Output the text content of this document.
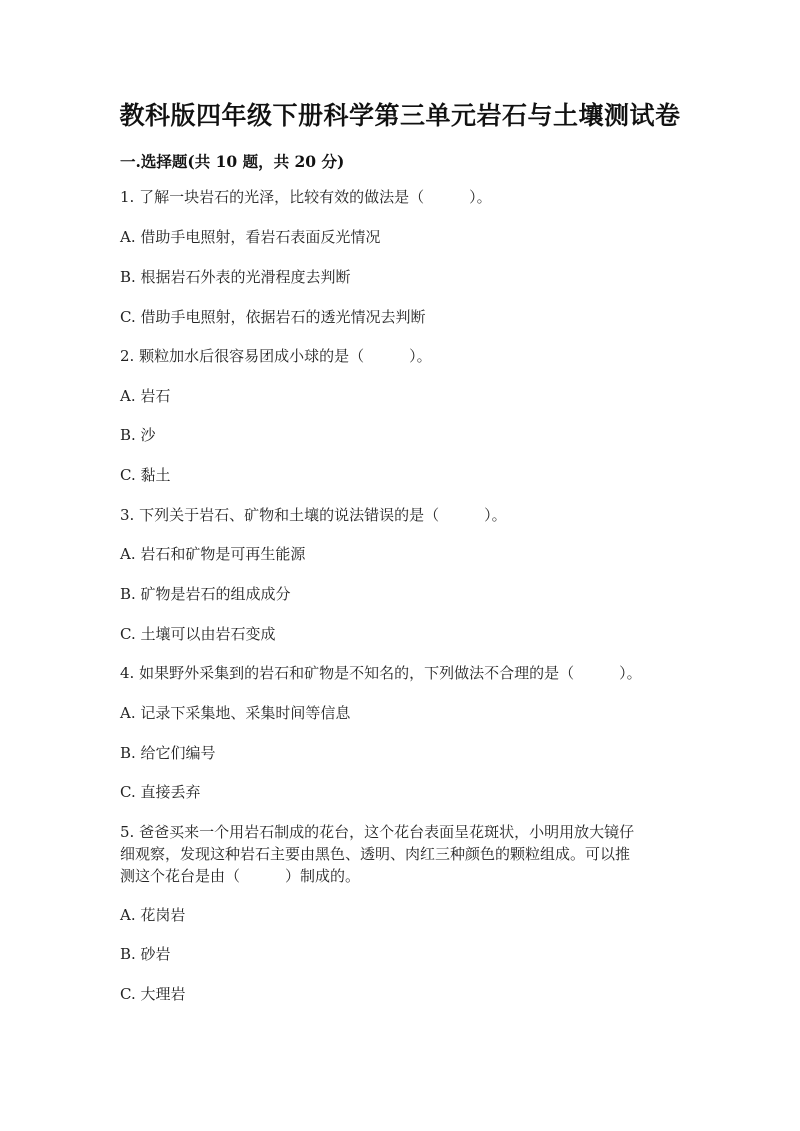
教科版四年级下册科学第三单元岩石与土壤测试卷
一.选择题(共 10 题，共 20 分)
1. 了解一块岩石的光泽，比较有效的做法是（　　　）。
A. 借助手电照射，看岩石表面反光情况
B. 根据岩石外表的光滑程度去判断
C. 借助手电照射，依据岩石的透光情况去判断
2. 颗粒加水后很容易团成小球的是（　　　）。
A. 岩石
B. 沙
C. 黏土
3. 下列关于岩石、矿物和土壤的说法错误的是（　　　）。
A. 岩石和矿物是可再生能源
B. 矿物是岩石的组成成分
C. 土壤可以由岩石变成
4. 如果野外采集到的岩石和矿物是不知名的，下列做法不合理的是（　　　）。
A. 记录下采集地、采集时间等信息
B. 给它们编号
C. 直接丢弃
5. 爸爸买来一个用岩石制成的花台，这个花台表面呈花斑状，小明用放大镜仔
细观察，发现这种岩石主要由黑色、透明、肉红三种颜色的颗粒组成。可以推
测这个花台是由（　　　）制成的。
A. 花岗岩
B. 砂岩
C. 大理岩
